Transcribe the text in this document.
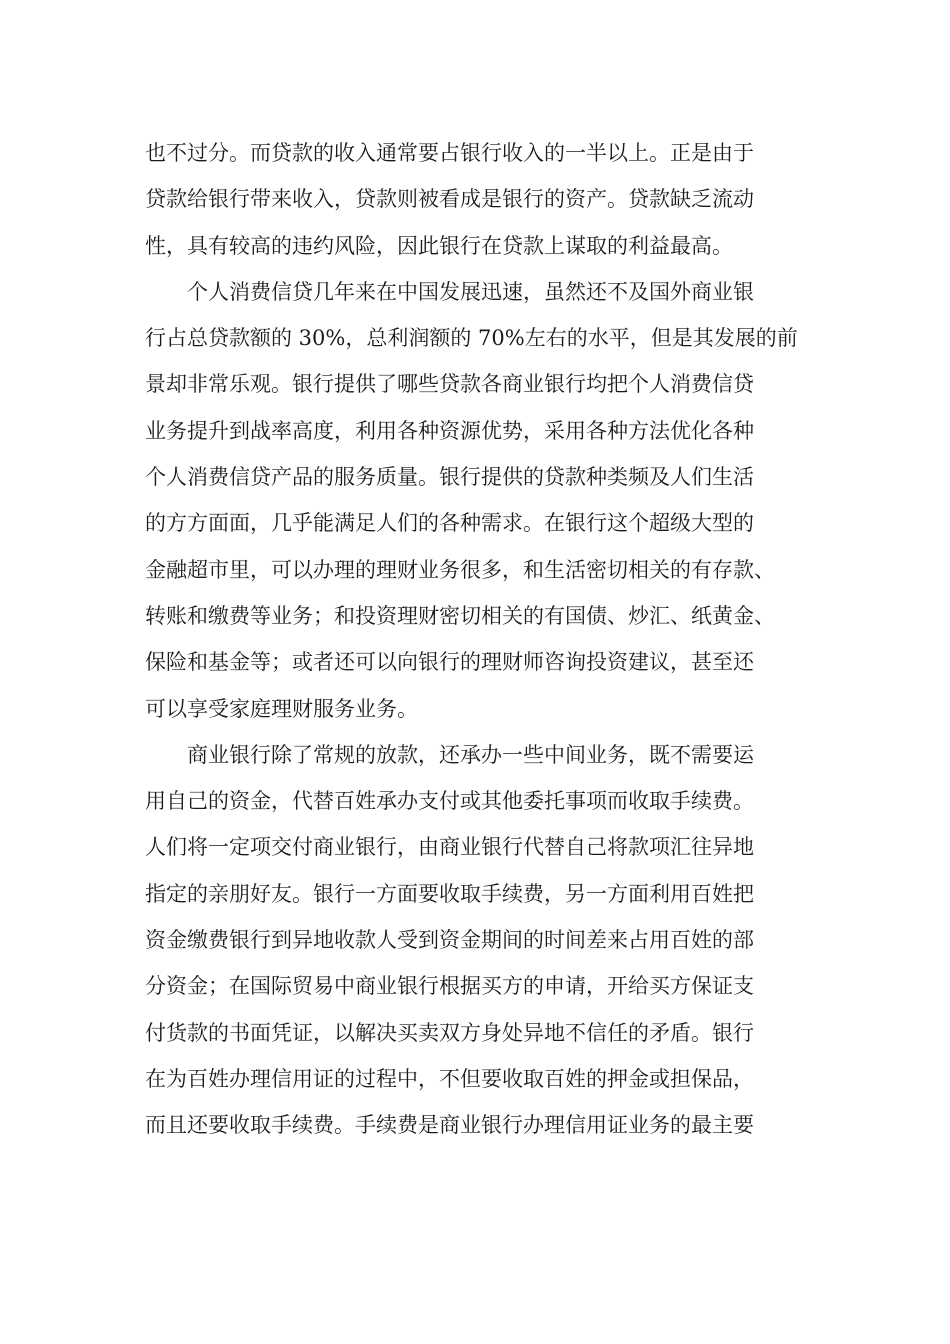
也不过分。而贷款的收入通常要占银行收入的一半以上。正是由于
贷款给银行带来收入，贷款则被看成是银行的资产。贷款缺乏流动
性，具有较高的违约风险，因此银行在贷款上谋取的利益最高。
个人消费信贷几年来在中国发展迅速，虽然还不及国外商业银
行占总贷款额的 30%，总利润额的 70%左右的水平，但是其发展的前
景却非常乐观。银行提供了哪些贷款各商业银行均把个人消费信贷
业务提升到战率高度，利用各种资源优势，采用各种方法优化各种
个人消费信贷产品的服务质量。银行提供的贷款种类频及人们生活
的方方面面，几乎能满足人们的各种需求。在银行这个超级大型的
金融超市里，可以办理的理财业务很多，和生活密切相关的有存款、
转账和缴费等业务；和投资理财密切相关的有国债、炒汇、纸黄金、
保险和基金等；或者还可以向银行的理财师咨询投资建议，甚至还
可以享受家庭理财服务业务。
商业银行除了常规的放款，还承办一些中间业务，既不需要运
用自己的资金，代替百姓承办支付或其他委托事项而收取手续费。
人们将一定项交付商业银行，由商业银行代替自己将款项汇往异地
指定的亲朋好友。银行一方面要收取手续费，另一方面利用百姓把
资金缴费银行到异地收款人受到资金期间的时间差来占用百姓的部
分资金；在国际贸易中商业银行根据买方的申请，开给买方保证支
付货款的书面凭证，以解决买卖双方身处异地不信任的矛盾。银行
在为百姓办理信用证的过程中，不但要收取百姓的押金或担保品，
而且还要收取手续费。手续费是商业银行办理信用证业务的最主要
